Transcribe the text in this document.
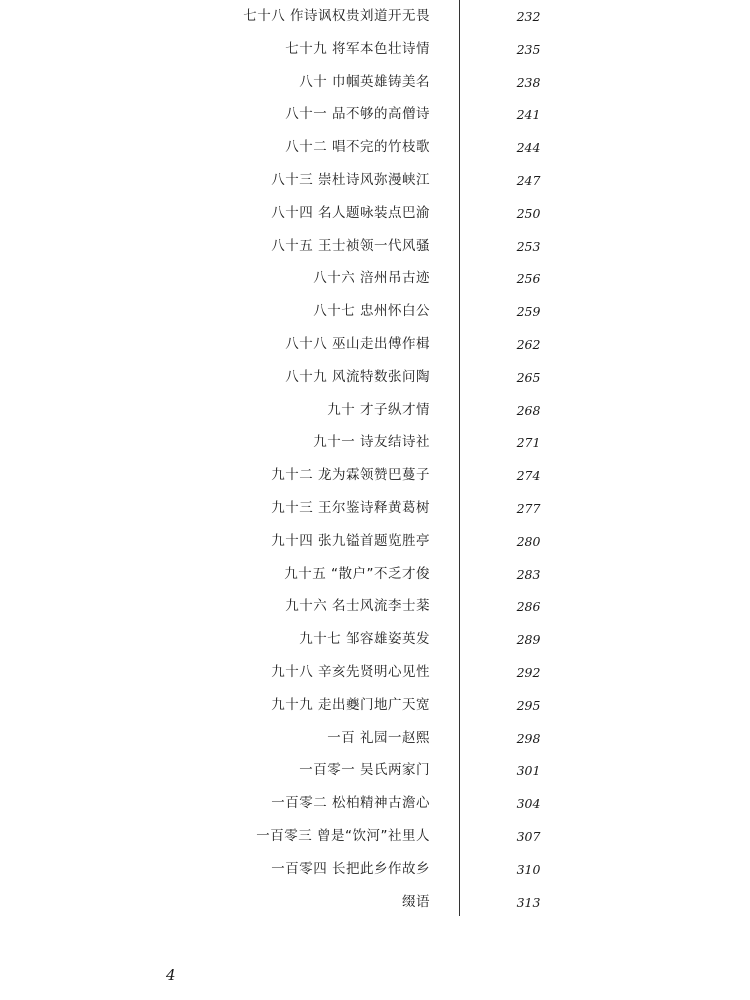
七十八 作诗讽权贵刘道开无畏	232
七十九 将军本色壮诗情	235
八十 巾帼英雄铸美名	238
八十一 品不够的高僧诗	241
八十二 唱不完的竹枝歌	244
八十三 崇杜诗风弥漫峡江	247
八十四 名人题咏装点巴渝	250
八十五 王士祯领一代风骚	253
八十六 涪州吊古迹	256
八十七 忠州怀白公	259
八十八 巫山走出傅作楫	262
八十九 风流特数张问陶	265
九十 才子纵才情	268
九十一 诗友结诗社	271
九十二 龙为霖领赞巴蔓子	274
九十三 王尔鉴诗释黄葛树	277
九十四 张九镒首题览胜亭	280
九十五 “散户”不乏才俊	283
九十六 名士风流李士棻	286
九十七 邹容雄姿英发	289
九十八 辛亥先贤明心见性	292
九十九 走出夔门地广天宽	295
一百 礼园一赵熙	298
一百零一 吴氏两家门	301
一百零二 松柏精神古澹心	304
一百零三 曾是“饮河”社里人	307
一百零四 长把此乡作故乡	310
缀语	313
4
